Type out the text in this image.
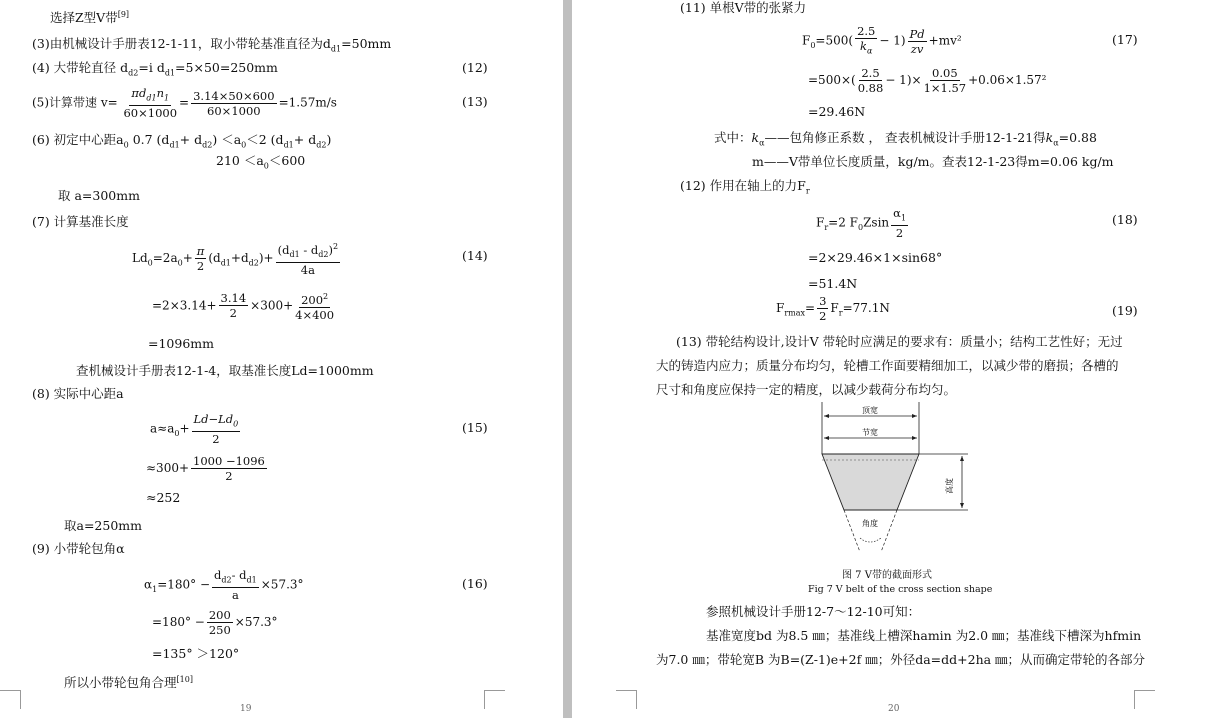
选择Z型V带[9]
(3)由机械设计手册表12-1-11，取小带轮基准直径为$d_{d1}=50mm$
(4) 大带轮直径 $d_{d2}=i$ $d_{d1}=5\times 50=250mm$	(12)
(5)计算带速 $v= \frac{\pi d_{d1}n_1}{60\times 1000} = \frac{3.14\times 50\times 600}{60\times 1000} =1.57m/s$	(13)
(6) 初定中心距$a_0$ 0.7 $(d_{d1}+ d_{d2}) <a_0<2$ $(d_{d1}+ d_{d2})$
$210 <a_0<600$
取 a=300mm
(7) 计算基准长度
$Ld_0=2a_0+ \frac{\pi}{2} (d_{d1}+d_{d2})+ \frac{(d_{d1} - d_{d2})^2}{4a}$	(14)
$=2\times 3.14+ \frac{3.14}{2} \times 300+ \frac{200^2}{4\times 400}$
=1096mm
查机械设计手册表12-1-4，取基准长度Ld=1000mm
(8) 实际中心距a
$a\approx a_0+ \frac{Ld-Ld_0}{2}$	(15)
$\approx 300+ \frac{1000 -1096}{2}$
≈252
取a=250mm
(9) 小带轮包角α
$\alpha_1=180^\circ - \frac{d_{d2}- d_{d1}}{a} \times 57.3^\circ$	(16)
$=180^\circ - \frac{200}{250} \times 57.3^\circ$
=135° ＞120°
所以小带轮包角合理[10]
19
(11) 单根V带的张紧力
$F_0=500( \frac{2.5}{k_\alpha} - 1) \frac{Pd}{zv} +mv^2$	(17)
$=500\times( \frac{2.5}{0.88} - 1)\times \frac{0.05}{1\times 1.57} +0.06\times 1.57^2$
=29.46N
式中：$k_\alpha——$包角修正系数 ， 查表机械设计手册12-1-21得$k_\alpha=0.88$
m——V带单位长度质量，kg/m。查表12-1-23得m=0.06 kg/m
(12) 作用在轴上的力$F_r$
$F_r=2$ $F_0Zsin \frac{\alpha_1}{2}$	(18)
=2×29.46×1×sin68°
=51.4N
$F_{rmax}= \frac{3}{2} F_r=77.1N$	(19)
(13) 带轮结构设计,设计V 带轮时应满足的要求有：质量小；结构工艺性好；无过
大的铸造内应力；质量分布均匀，轮槽工作面要精细加工，以减少带的磨损；各槽的
尺寸和角度应保持一定的精度，以减少载荷分布均匀。
顶宽
节宽
高度
角度
图 7 V带的截面形式
Fig 7 V belt of the cross section shape
参照机械设计手册12-7～12-10可知：
基准宽度bd 为8.5 ㎜；基准线上槽深hamin 为2.0 ㎜；基准线下槽深为hfmin
为7.0 ㎜；带轮宽B 为B=(Z-1)e+2f ㎜；外径da=dd+2ha ㎜；从而确定带轮的各部分
20
